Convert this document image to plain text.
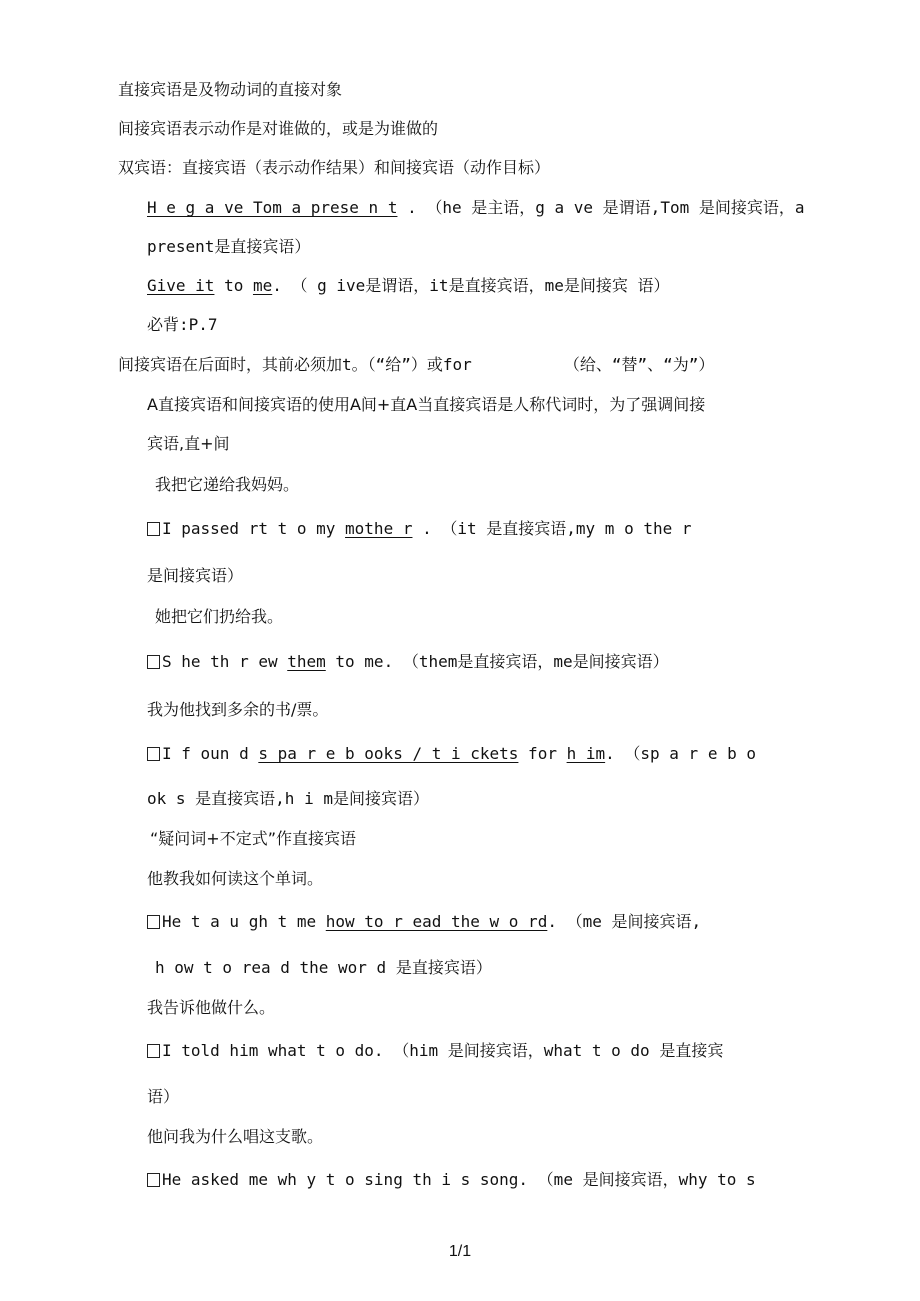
直接宾语是及物动词的直接对象
间接宾语表示动作是对谁做的，或是为谁做的
双宾语：直接宾语（表示动作结果）和间接宾语（动作目标）
H e g a ve Tom a prese n t . （he 是主语，g a ve 是谓语,Tom 是间接宾语，a
present是直接宾语）
Give it to me. （ g ive是谓语，it是直接宾语，me是间接宾 语）
必背:P.7
间接宾语在后面时，其前必须加t。（“给”）或for	（给、“替”、“为”）
A直接宾语和间接宾语的使用A间+直A当直接宾语是人称代词时，为了强调间接
宾语,直+间
我把它递给我妈妈。
I passed rt t o my mothe r . （it 是直接宾语,my m o the r
是间接宾语）
她把它们扔给我。
S he th r ew them to me. （them是直接宾语，me是间接宾语）
我为他找到多余的书/票。
I f oun d s pa r e b ooks / t i ckets for h im. （sp a r e b o
ok s 是直接宾语,h i m是间接宾语）
“疑问词+不定式”作直接宾语
他教我如何读这个单词。
He t a u gh t me how to r ead the w o rd. （me 是间接宾语,
h ow t o rea d the wor d 是直接宾语）
我告诉他做什么。
I told him what t o do. （him 是间接宾语，what t o do 是直接宾
语）
他问我为什么唱这支歌。
He asked me wh y t o sing th i s song. （me 是间接宾语，why to s
1/1
